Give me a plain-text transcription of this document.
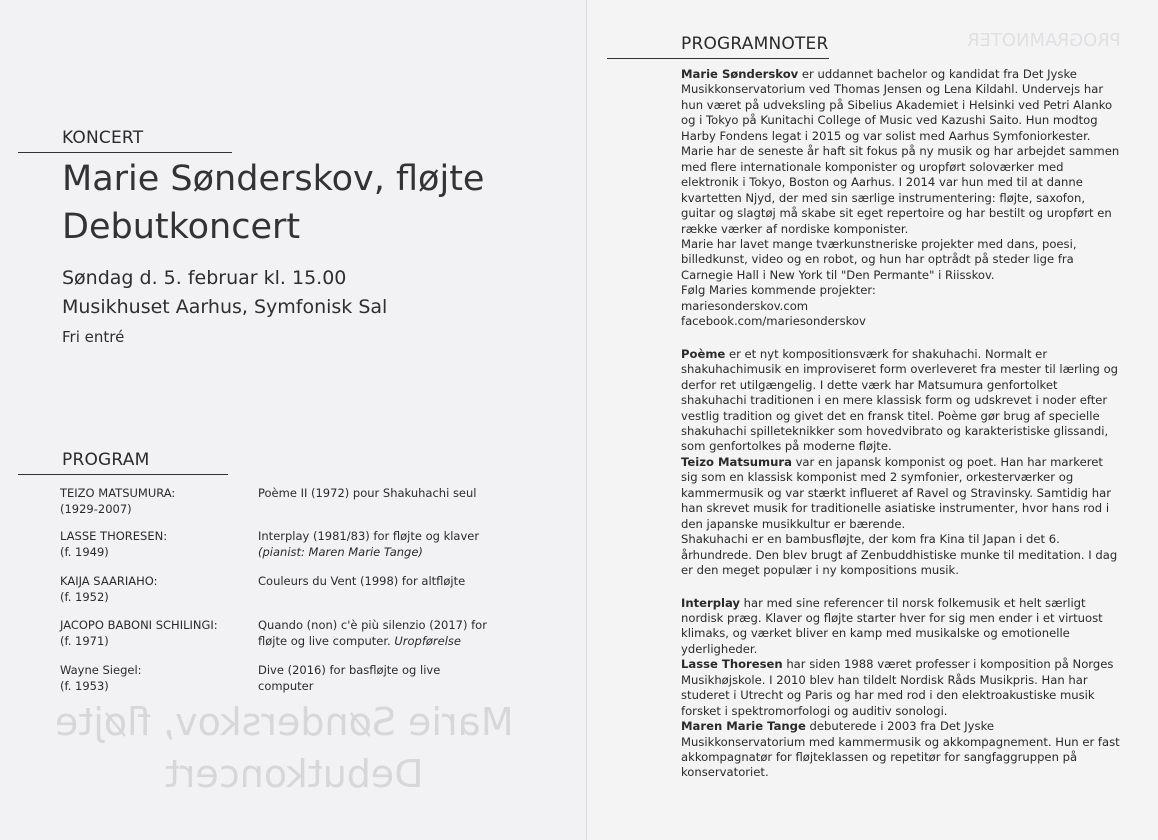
Marie Sønderskov, fløjte
Debutkoncert
KONCERT
Marie Sønderskov, fløjte
Debutkoncert
Søndag d. 5. februar kl. 15.00
Musikhuset Aarhus, Symfonisk Sal
Fri entré
PROGRAM
TEIZO MATSUMURA:
(1929-2007)
Poème II (1972) pour Shakuhachi seul
LASSE THORESEN:
(f. 1949)
Interplay (1981/83) for fløjte og klaver
(pianist: Maren Marie Tange)
KAIJA SAARIAHO:
(f. 1952)
Couleurs du Vent (1998) for altfløjte
JACOPO BABONI SCHILINGI:
(f. 1971)
Quando (non) c'è più silenzio (2017) for fløjte og live computer. Uropførelse
Wayne Siegel:
(f. 1953)
Dive (2016) for basfløjte og live computer
PROGRAMNOTER
PROGRAMNOTER

Marie Sønderskov er uddannet bachelor og kandidat fra Det Jyske Musikkonservatorium ved Thomas Jensen og Lena Kildahl. Undervejs har hun været på udveksling på Sibelius Akademiet i Helsinki ved Petri Alanko og i Tokyo på Kunitachi College of Music ved Kazushi Saito. Hun modtog Harby Fondens legat i 2015 og var solist med Aarhus Symfoniorkester.

Marie har de seneste år haft sit fokus på ny musik og har arbejdet sammen med flere internationale komponister og uropført soloværker med elektronik i Tokyo, Boston og Aarhus. I 2014 var hun med til at danne kvartetten Njyd, der med sin særlige instrumentering: fløjte, saxofon, guitar og slagtøj må skabe sit eget repertoire og har bestilt og uropført en række værker af nordiske komponister.

Marie har lavet mange tværkunstneriske projekter med dans, poesi, billedkunst, video og en robot, og hun har optrådt på steder lige fra Carnegie Hall i New York til "Den Permante" i Riisskov.

Følg Maries kommende projekter:

mariesonderskov.com

facebook.com/mariesonderskov

Poème er et nyt kompositionsværk for shakuhachi. Normalt er shakuhachimusik en improviseret form overleveret fra mester til lærling og derfor ret utilgængelig. I dette værk har Matsumura genfortolket shakuhachi traditionen i en mere klassisk form og udskrevet i noder efter vestlig tradition og givet det en fransk titel. Poème gør brug af specielle shakuhachi spilleteknikker som hovedvibrato og karakteristiske glissandi, som genfortolkes på moderne fløjte.

Teizo Matsumura var en japansk komponist og poet. Han har markeret sig som en klassisk komponist med 2 symfonier, orkesterværker og kammermusik og var stærkt influeret af Ravel og Stravinsky. Samtidig har han skrevet musik for traditionelle asiatiske instrumenter, hvor hans rod i den japanske musikkultur er bærende.

Shakuhachi er en bambusfløjte, der kom fra Kina til Japan i det 6. århundrede. Den blev brugt af Zenbuddhistiske munke til meditation. I dag er den meget populær i ny kompositions musik.

Interplay har med sine referencer til norsk folkemusik et helt særligt nordisk præg. Klaver og fløjte starter hver for sig men ender i et virtuost klimaks, og værket bliver en kamp med musikalske og emotionelle yderligheder.

Lasse Thoresen har siden 1988 været professer i komposition på Norges Musikhøjskole. I 2010 blev han tildelt Nordisk Råds Musikpris. Han har studeret i Utrecht og Paris og har med rod i den elektroakustiske musik forsket i spektromorfologi og auditiv sonologi.

Maren Marie Tange debuterede i 2003 fra Det Jyske Musikkonservatorium med kammermusik og akkompagnement. Hun er fast akkompagnatør for fløjteklassen og repetitør for sangfaggruppen på konservatoriet.
